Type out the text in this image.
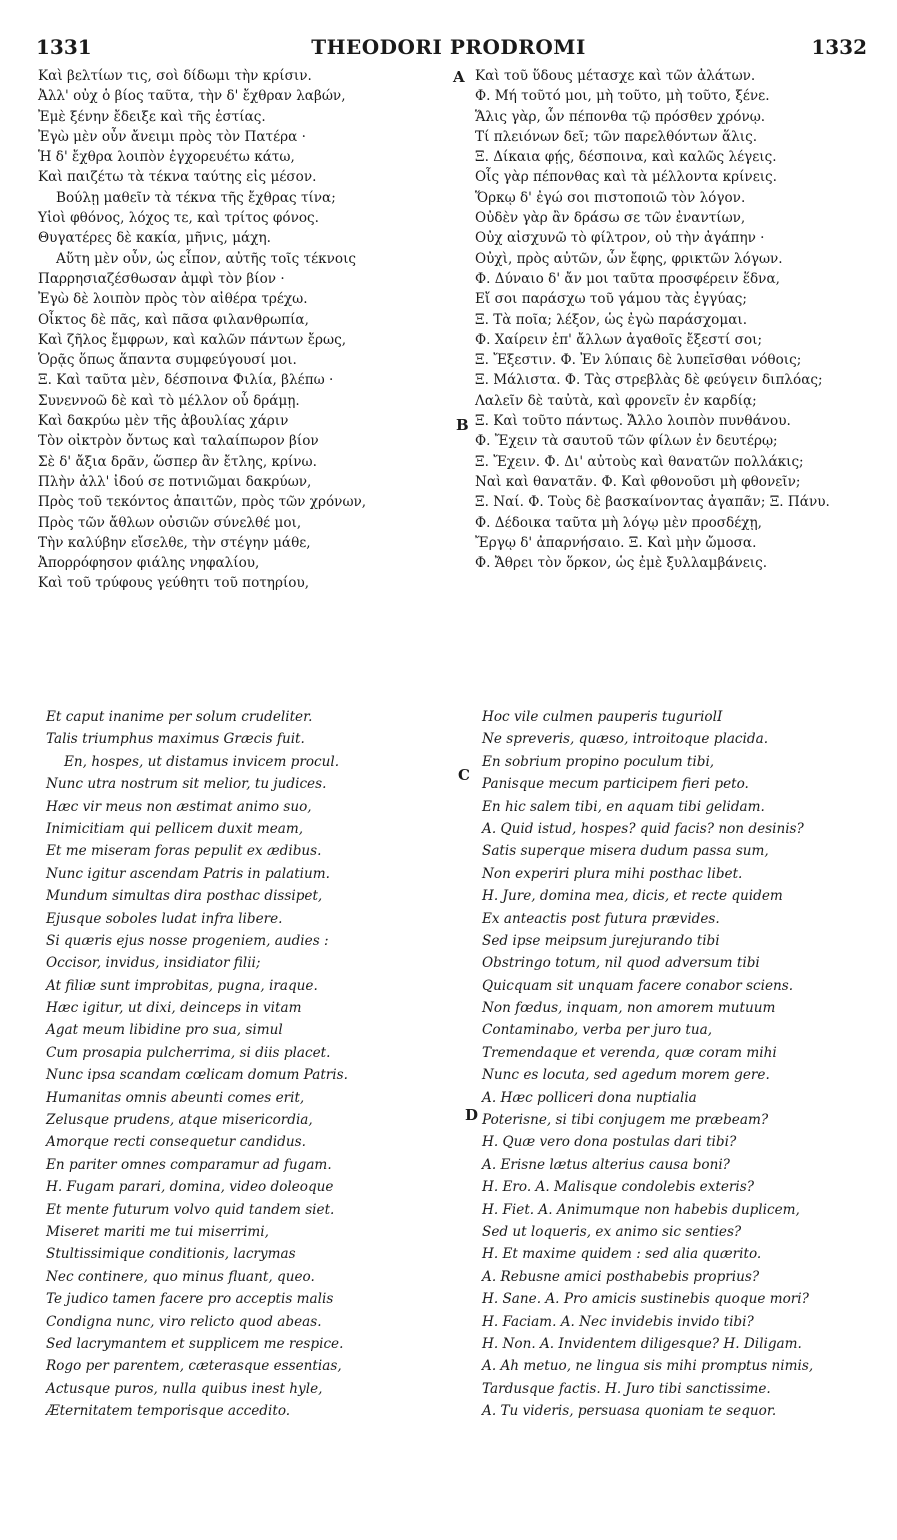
1331	THEODORI PRODROMI	1332
A
B
C
D
Καὶ βελτίων τις, σοὶ δίδωμι τὴν κρίσιν.
Ἀλλ' οὐχ ὁ βίος ταῦτα, τὴν δ' ἔχθραν λαβών,
Ἐμὲ ξένην ἔδειξε καὶ τῆς ἑστίας.
Ἐγὼ μὲν οὖν ἄνειμι πρὸς τὸν Πατέρα ·
Ἡ δ' ἔχθρα λοιπὸν ἐγχορευέτω κάτω,
Καὶ παιζέτω τὰ τέκνα ταύτης εἰς μέσον.
Βούλῃ μαθεῖν τὰ τέκνα τῆς ἔχθρας τίνα;
Υἱοὶ φθόνος, λόχος τε, καὶ τρίτος φόνος.
Θυγατέρες δὲ κακία, μῆνις, μάχη.
Αὕτη μὲν οὖν, ὡς εἶπον, αὐτῆς τοῖς τέκνοις
Παρρησιαζέσθωσαν ἀμφὶ τὸν βίον ·
Ἐγὼ δὲ λοιπὸν πρὸς τὸν αἰθέρα τρέχω.
Οἶκτος δὲ πᾶς, καὶ πᾶσα φιλανθρωπία,
Καὶ ζῆλος ἔμφρων, καὶ καλῶν πάντων ἔρως,
Ὁρᾷς ὅπως ἅπαντα συμφεύγουσί μοι.
Ξ. Καὶ ταῦτα μὲν, δέσποινα Φιλία, βλέπω ·
Συνεννοῶ δὲ καὶ τὸ μέλλον οὗ δράμῃ.
Καὶ δακρύω μὲν τῆς ἀβουλίας χάριν
Τὸν οἰκτρὸν ὄντως καὶ ταλαίπωρον βίον
Σὲ δ' ἄξια δρᾶν, ὥσπερ ἂν ἔτλης, κρίνω.
Πλὴν ἀλλ' ἰδού σε ποτνιῶμαι δακρύων,
Πρὸς τοῦ τεκόντος ἀπαιτῶν, πρὸς τῶν χρόνων,
Πρὸς τῶν ἄθλων οὐσιῶν σύνελθέ μοι,
Τὴν καλύβην εἴσελθε, τὴν στέγην μάθε,
Ἀπορρόφησον φιάλης νηφαλίου,
Καὶ τοῦ τρύφους γεύθητι τοῦ ποτηρίου,
Καὶ τοῦ ὕδους μέτασχε καὶ τῶν ἀλάτων.
Φ. Μή τοῦτό μοι, μὴ τοῦτο, μὴ τοῦτο, ξένε.
Ἅλις γὰρ, ὧν πέπονθα τῷ πρόσθεν χρόνῳ.
Τί πλειόνων δεῖ; τῶν παρελθόντων ἅλις.
Ξ. Δίκαια φῄς, δέσποινα, καὶ καλῶς λέγεις.
Οἷς γὰρ πέπονθας καὶ τὰ μέλλοντα κρίνεις.
Ὅρκῳ δ' ἐγώ σοι πιστοποιῶ τὸν λόγον.
Οὐδὲν γὰρ ἂν δράσω σε τῶν ἐναντίων,
Οὐχ αἰσχυνῶ τὸ φίλτρον, οὐ τὴν ἀγάπην ·
Οὐχὶ, πρὸς αὐτῶν, ὧν ἔφης, φρικτῶν λόγων.
Φ. Δύναιο δ' ἄν μοι ταῦτα προσφέρειν ἕδνα,
Εἴ σοι παράσχω τοῦ γάμου τὰς ἐγγύας;
Ξ. Τὰ ποῖα; λέξον, ὡς ἐγὼ παράσχομαι.
Φ. Χαίρειν ἐπ' ἄλλων ἀγαθοῖς ἔξεστί σοι;
Ξ. Ἔξεστιν. Φ. Ἐν λύπαις δὲ λυπεῖσθαι νόθοις;
Ξ. Μάλιστα. Φ. Τὰς στρεβλὰς δὲ φεύγειν διπλόας;
Λαλεῖν δὲ ταὐτὰ, καὶ φρονεῖν ἐν καρδίᾳ;
Ξ. Καὶ τοῦτο πάντως. Ἄλλο λοιπὸν πυνθάνου.
Φ. Ἔχειν τὰ σαυτοῦ τῶν φίλων ἐν δευτέρῳ;
Ξ. Ἔχειν. Φ. Δι' αὐτοὺς καὶ θανατῶν πολλάκις;
Ναὶ καὶ θανατᾶν. Φ. Καὶ φθονοῦσι μὴ φθονεῖν;
Ξ. Ναί. Φ. Τοὺς δὲ βασκαίνοντας ἀγαπᾶν; Ξ. Πάνυ.
Φ. Δέδοικα ταῦτα μὴ λόγῳ μὲν προσδέχῃ,
Ἔργῳ δ' ἀπαρνήσαιο. Ξ. Καὶ μὴν ὤμοσα.
Φ. Ἄθρει τὸν ὅρκον, ὡς ἐμὲ ξυλλαμβάνεις.
Et caput inanime per solum crudeliter.
Talis triumphus maximus Græcis fuit.
En, hospes, ut distamus invicem procul.
Nunc utra nostrum sit melior, tu judices.
Hæc vir meus non æstimat animo suo,
Inimicitiam qui pellicem duxit meam,
Et me miseram foras pepulit ex ædibus.
Nunc igitur ascendam Patris in palatium.
Mundum simultas dira posthac dissipet,
Ejusque soboles ludat infra libere.
Si quæris ejus nosse progeniem, audies :
Occisor, invidus, insidiator filii;
At filiæ sunt improbitas, pugna, iraque.
Hæc igitur, ut dixi, deinceps in vitam
Agat meum libidine pro sua, simul
Cum prosapia pulcherrima, si diis placet.
Nunc ipsa scandam cœlicam domum Patris.
Humanitas omnis abeunti comes erit,
Zelusque prudens, atque misericordia,
Amorque recti consequetur candidus.
En pariter omnes comparamur ad fugam.
H. Fugam parari, domina, video doleoque
Et mente futurum volvo quid tandem siet.
Miseret mariti me tui miserrimi,
Stultissimique conditionis, lacrymas
Nec continere, quo minus fluant, queo.
Te judico tamen facere pro acceptis malis
Condigna nunc, viro relicto quod abeas.
Sed lacrymantem et supplicem me respice.
Rogo per parentem, cæterasque essentias,
Actusque puros, nulla quibus inest hyle,
Æternitatem temporisque accedito.
Hoc vile culmen pauperis tuguriolI
Ne spreveris, quæso, introitoque placida.
En sobrium propino poculum tibi,
Panisque mecum participem fieri peto.
En hic salem tibi, en aquam tibi gelidam.
A. Quid istud, hospes? quid facis? non desinis?
Satis superque misera dudum passa sum,
Non experiri plura mihi posthac libet.
H. Jure, domina mea, dicis, et recte quidem
Ex anteactis post futura prævides.
Sed ipse meipsum jurejurando tibi
Obstringo totum, nil quod adversum tibi
Quicquam sit unquam facere conabor sciens.
Non fœdus, inquam, non amorem mutuum
Contaminabo, verba per juro tua,
Tremendaque et verenda, quæ coram mihi
Nunc es locuta, sed agedum morem gere.
A. Hæc polliceri dona nuptialia
Poterisne, si tibi conjugem me præbeam?
H. Quæ vero dona postulas dari tibi?
A. Erisne lætus alterius causa boni?
H. Ero. A. Malisque condolebis exteris?
H. Fiet. A. Animumque non habebis duplicem,
Sed ut loqueris, ex animo sic senties?
H. Et maxime quidem : sed alia quærito.
A. Rebusne amici posthabebis proprius?
H. Sane. A. Pro amicis sustinebis quoque mori?
H. Faciam. A. Nec invidebis invido tibi?
H. Non. A. Invidentem diligesque? H. Diligam.
A. Ah metuo, ne lingua sis mihi promptus nimis,
Tardusque factis. H. Juro tibi sanctissime.
A. Tu videris, persuasa quoniam te sequor.
